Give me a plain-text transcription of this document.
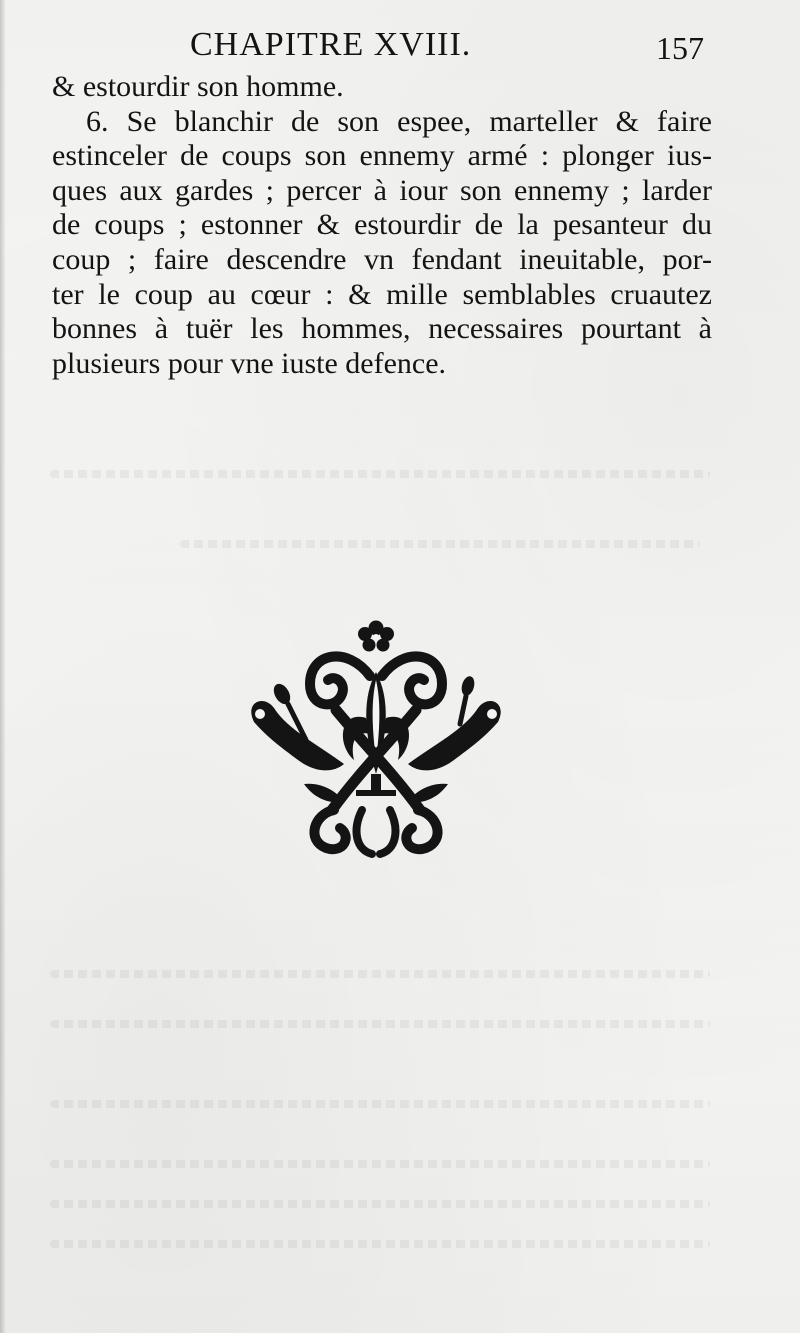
CHAPITRE XVIII.	157
& estourdir son homme.
6. Se blanchir de son espee, marteller & faire
estinceler de coups son ennemy armé : plonger ius-
ques aux gardes ; percer à iour son ennemy ; larder
de coups ; estonner & estourdir de la pesanteur du
coup ; faire descendre vn fendant ineuitable, por-
ter le coup au cœur : & mille semblables cruautez
bonnes à tuër les hommes, necessaires pourtant à
plusieurs pour vne iuste defence.
